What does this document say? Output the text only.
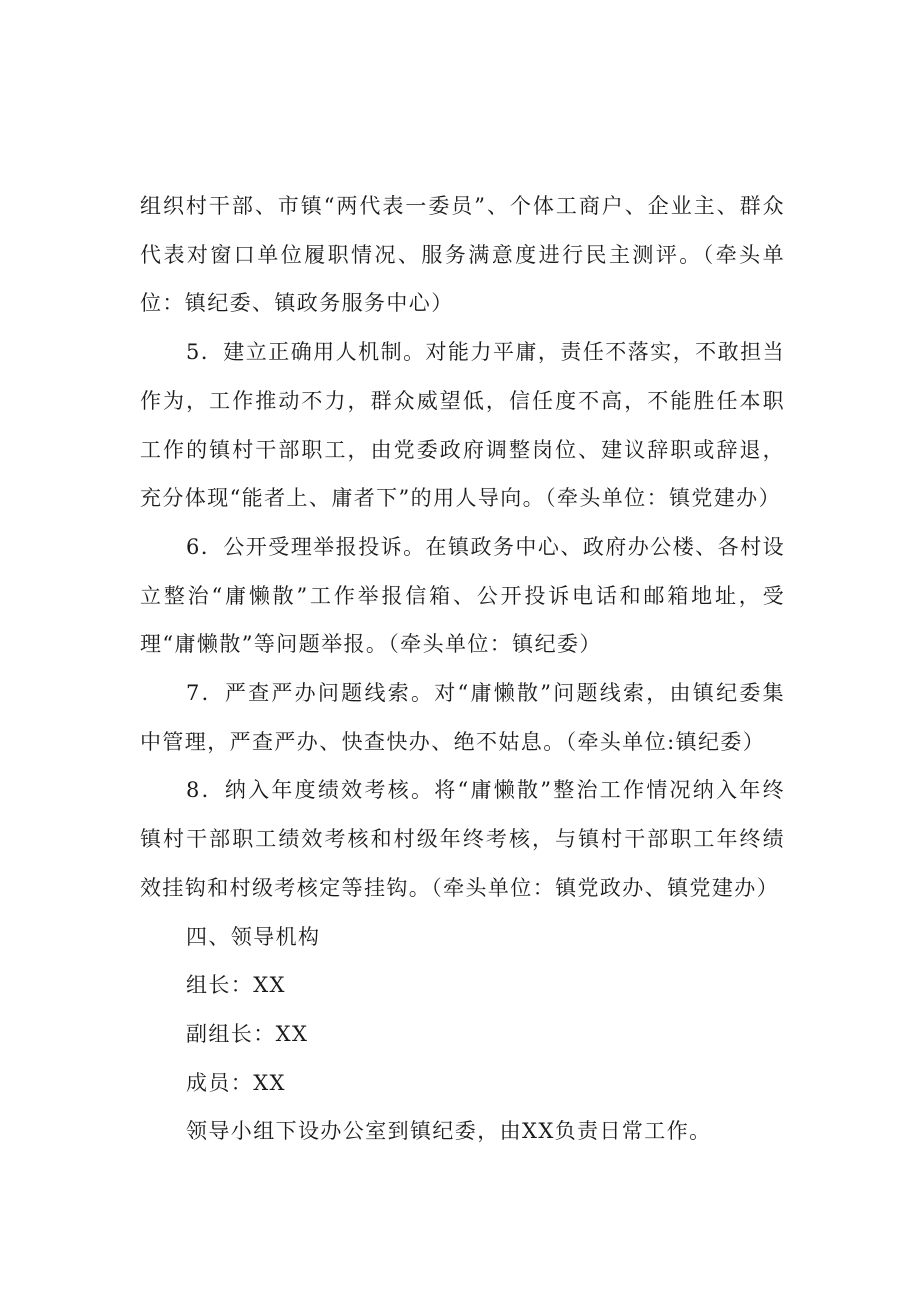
组织村干部、市镇“两代表一委员”、个体工商户、企业主、群众代表对窗口单位履职情况、服务满意度进行民主测评。（牵头单位：镇纪委、镇政务服务中心）

5．建立正确用人机制。对能力平庸，责任不落实，不敢担当作为，工作推动不力，群众威望低，信任度不高，不能胜任本职工作的镇村干部职工，由党委政府调整岗位、建议辞职或辞退，充分体现“能者上、庸者下”的用人导向。（牵头单位：镇党建办）

6．公开受理举报投诉。在镇政务中心、政府办公楼、各村设立整治“庸懒散”工作举报信箱、公开投诉电话和邮箱地址，受理“庸懒散”等问题举报。（牵头单位：镇纪委）

7．严查严办问题线索。对“庸懒散”问题线索，由镇纪委集中管理，严查严办、快查快办、绝不姑息。（牵头单位:镇纪委）

8．纳入年度绩效考核。将“庸懒散”整治工作情况纳入年终镇村干部职工绩效考核和村级年终考核，与镇村干部职工年终绩效挂钩和村级考核定等挂钩。（牵头单位：镇党政办、镇党建办）

四、领导机构

组长：XX

副组长：XX

成员：XX

领导小组下设办公室到镇纪委，由XX负责日常工作。
